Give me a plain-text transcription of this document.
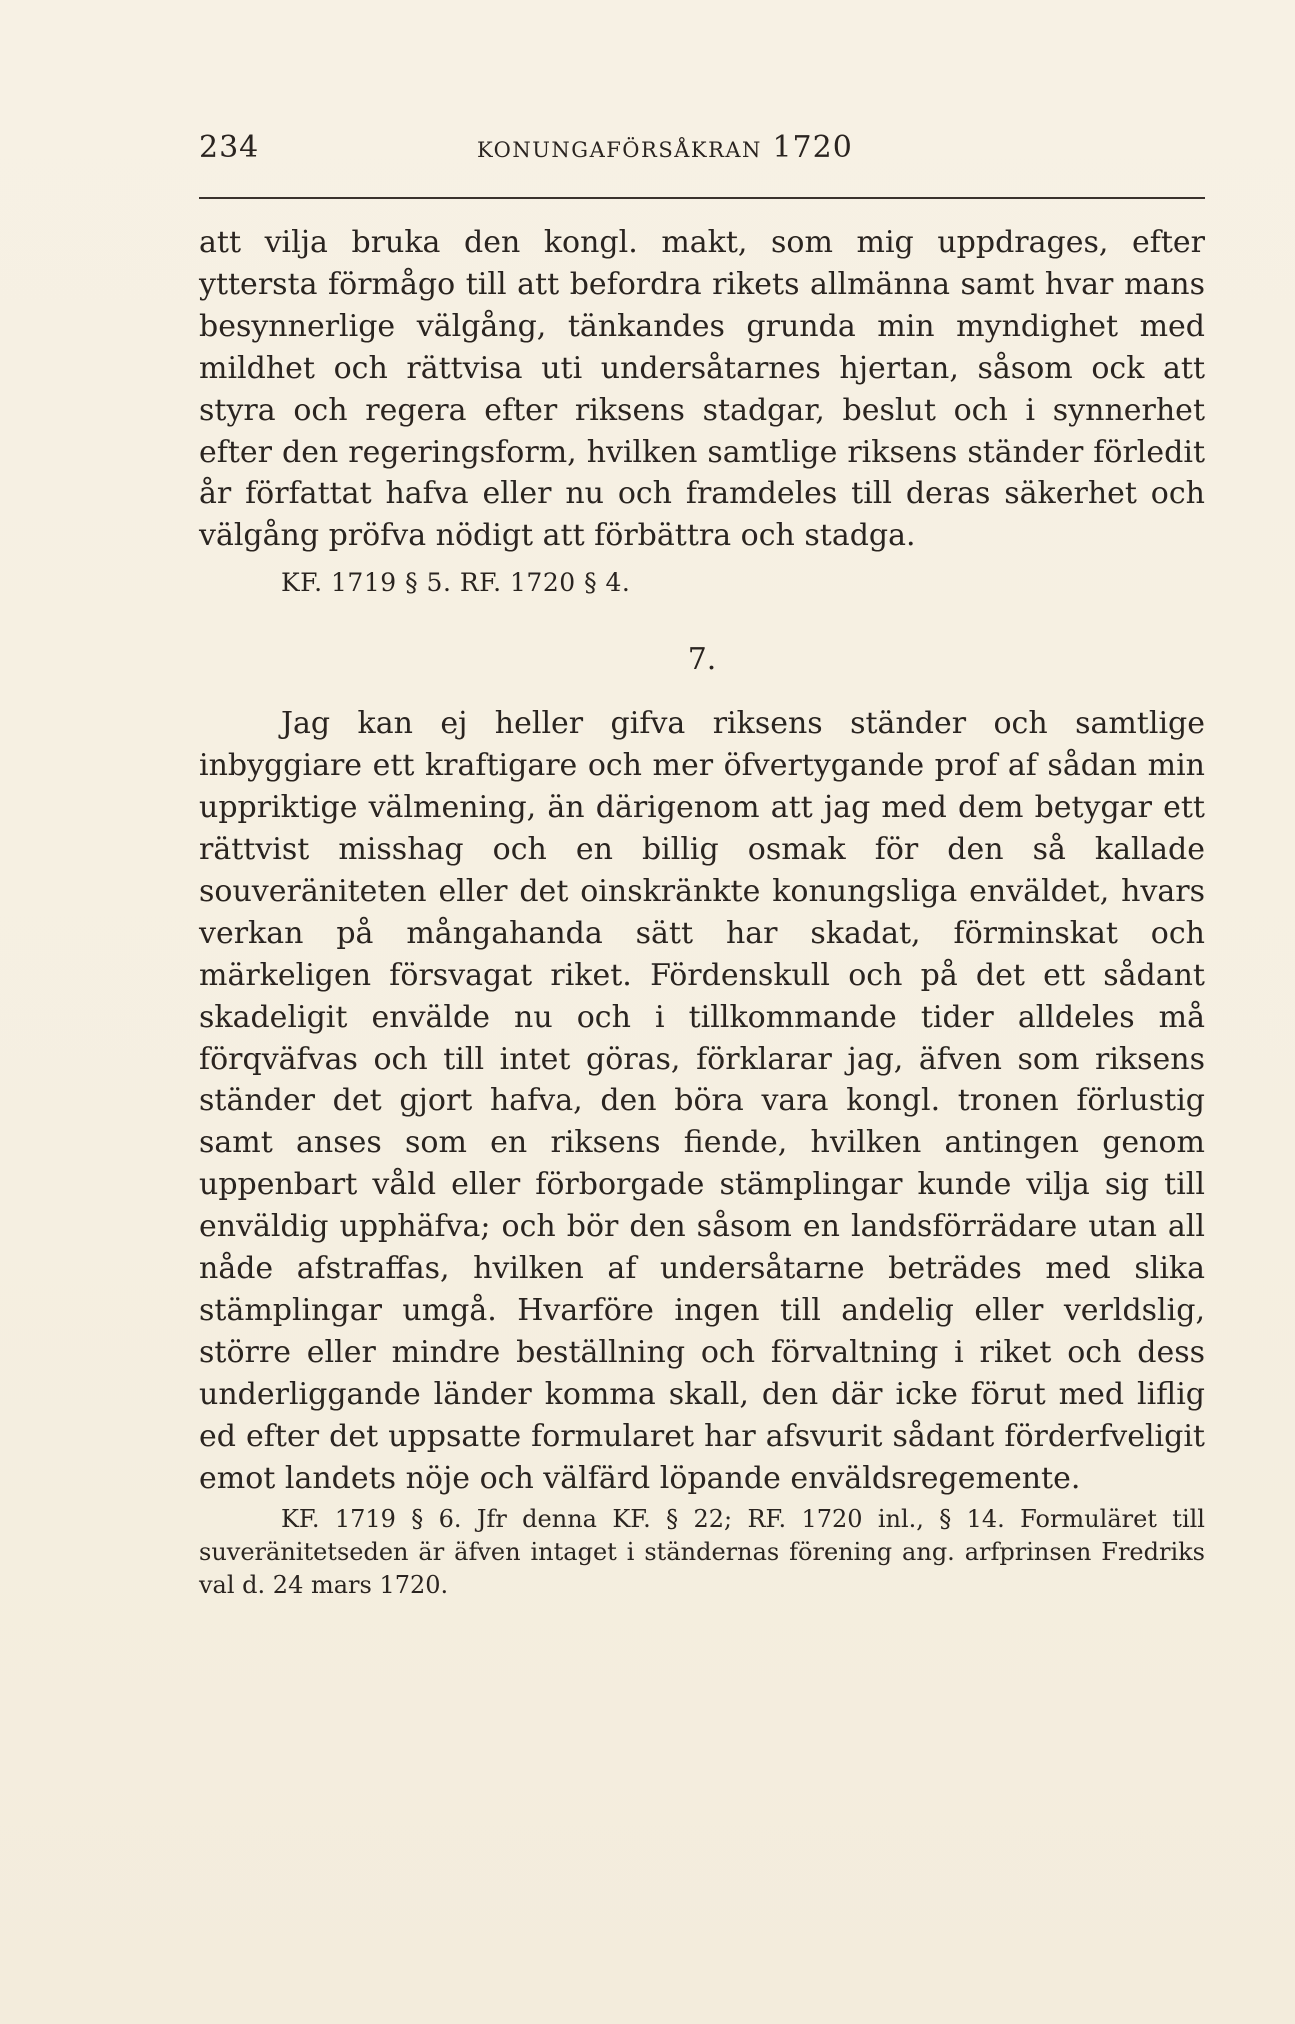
234	KONUNGAFÖRSÅKRAN 1720

att vilja bruka den kongl. makt, som mig uppdrages, efter yttersta förmågo till att befordra rikets allmänna samt hvar mans besynnerlige välgång, tänkandes grunda min myndighet med mildhet och rättvisa uti undersåtarnes hjertan, såsom ock att styra och regera efter riksens stadgar, beslut och i synnerhet efter den regeringsform, hvilken samtlige riksens ständer förledit år författat hafva eller nu och framdeles till deras säkerhet och välgång pröfva nödigt att förbättra och stadga.

KF. 1719 § 5. RF. 1720 § 4.

7.

Jag kan ej heller gifva riksens ständer och samtlige inbyggiare ett kraftigare och mer öfvertygande prof af sådan min uppriktige välmening, än därigenom att jag med dem betygar ett rättvist misshag och en billig osmak för den så kallade souveräniteten eller det oinskränkte konungsliga enväldet, hvars verkan på mångahanda sätt har skadat, förminskat och märkeligen försvagat riket. Fördenskull och på det ett sådant skadeligit envälde nu och i tillkommande tider alldeles må förqväfvas och till intet göras, förklarar jag, äfven som riksens ständer det gjort hafva, den böra vara kongl. tronen förlustig samt anses som en riksens fiende, hvilken antingen genom uppenbart våld eller förborgade stämplingar kunde vilja sig till enväldig upphäfva; och bör den såsom en landsförrädare utan all nåde afstraffas, hvilken af undersåtarne beträdes med slika stämplingar umgå. Hvarföre ingen till andelig eller verldslig, större eller mindre beställning och förvaltning i riket och dess underliggande länder komma skall, den där icke förut med liflig ed efter det uppsatte formularet har afsvurit sådant förderfveligit emot landets nöje och välfärd löpande enväldsregemente.

KF. 1719 § 6. Jfr denna KF. § 22; RF. 1720 inl., § 14. Formuläret till suveränitetseden är äfven intaget i ständernas förening ang. arfprinsen Fredriks val d. 24 mars 1720.
